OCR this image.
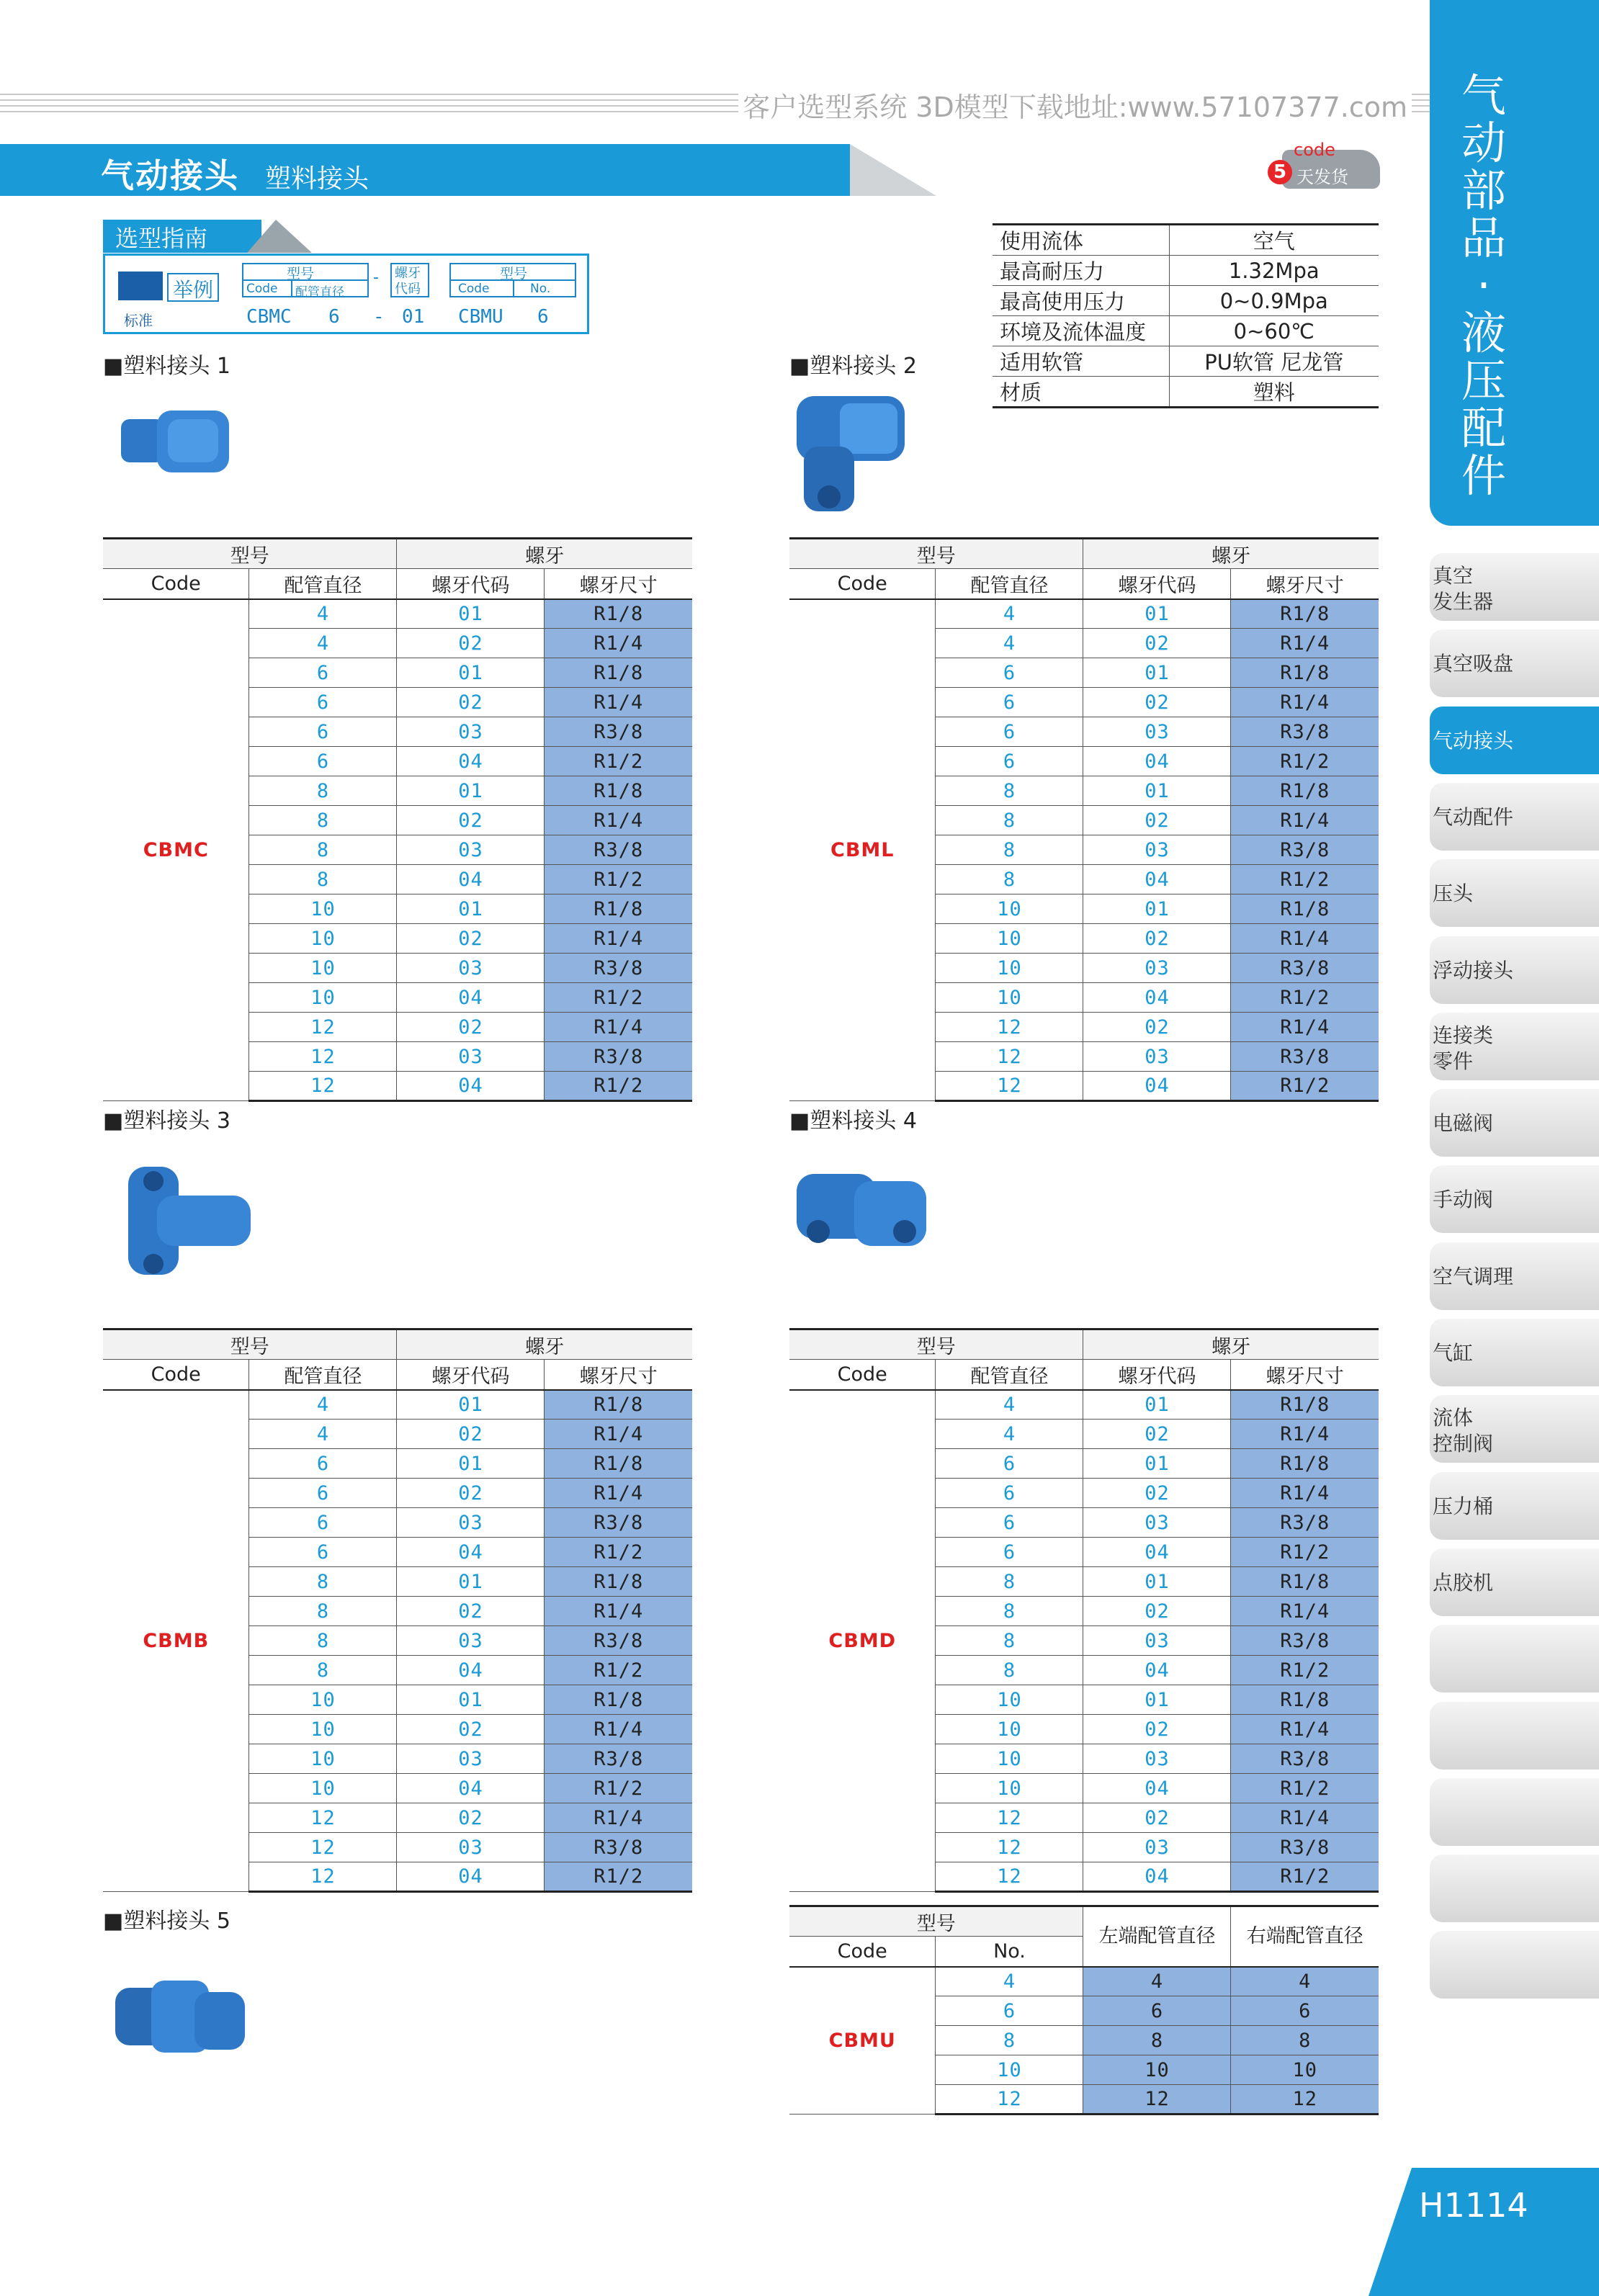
客户选型系统 3D模型下载地址:www.57107377.com
气动接头 塑料接头	5
code
天发货
气
动
部
品
·
液
压
配
件
真空
发生器
真空吸盘
气动接头
气动配件
压头
浮动接头
连接类
零件
电磁阀
手动阀
空气调理
气缸
流体
控制阀
压力桶
点胶机
H1114
选型指南
举例
标准
型号
Code 配管直径
- 螺牙
代码
型号
Code	No.
CBMC 6 - 01 CBMU 6
使用流体	空气
最高耐压力	1.32Mpa
最高使用压力	0~0.9Mpa
环境及流体温度	0~60℃
适用软管	PU软管 尼龙管
材质	塑料
■塑料接头 1	■塑料接头 2
■塑料接头 3	■塑料接头 4
■塑料接头 5
型号		螺牙	
Code	配管直径	螺牙代码	螺牙尺寸
CBMC	4	01	R1/8
	4	02	R1/4
	6	01	R1/8
	6	02	R1/4
	6	03	R3/8
	6	04	R1/2
	8	01	R1/8
	8	02	R1/4
	8	03	R3/8
	8	04	R1/2
	10	01	R1/8
	10	02	R1/4
	10	03	R3/8
	10	04	R1/2
	12	02	R1/4
	12	03	R3/8
	12	04	R1/2
型号		螺牙	
Code	配管直径	螺牙代码	螺牙尺寸
CBML	4	01	R1/8
	4	02	R1/4
	6	01	R1/8
	6	02	R1/4
	6	03	R3/8
	6	04	R1/2
	8	01	R1/8
	8	02	R1/4
	8	03	R3/8
	8	04	R1/2
	10	01	R1/8
	10	02	R1/4
	10	03	R3/8
	10	04	R1/2
	12	02	R1/4
	12	03	R3/8
	12	04	R1/2
型号		螺牙	
Code	配管直径	螺牙代码	螺牙尺寸
CBMB	4	01	R1/8
	4	02	R1/4
	6	01	R1/8
	6	02	R1/4
	6	03	R3/8
	6	04	R1/2
	8	01	R1/8
	8	02	R1/4
	8	03	R3/8
	8	04	R1/2
	10	01	R1/8
	10	02	R1/4
	10	03	R3/8
	10	04	R1/2
	12	02	R1/4
	12	03	R3/8
	12	04	R1/2
型号		螺牙	
Code	配管直径	螺牙代码	螺牙尺寸
CBMD	4	01	R1/8
	4	02	R1/4
	6	01	R1/8
	6	02	R1/4
	6	03	R3/8
	6	04	R1/2
	8	01	R1/8
	8	02	R1/4
	8	03	R3/8
	8	04	R1/2
	10	01	R1/8
	10	02	R1/4
	10	03	R3/8
	10	04	R1/2
	12	02	R1/4
	12	03	R3/8
	12	04	R1/2
型号		左端配管直径	右端配管直径
Code	No.		
CBMU	4	4	4
	6	6	6
	8	8	8
	10	10	10
	12	12	12
